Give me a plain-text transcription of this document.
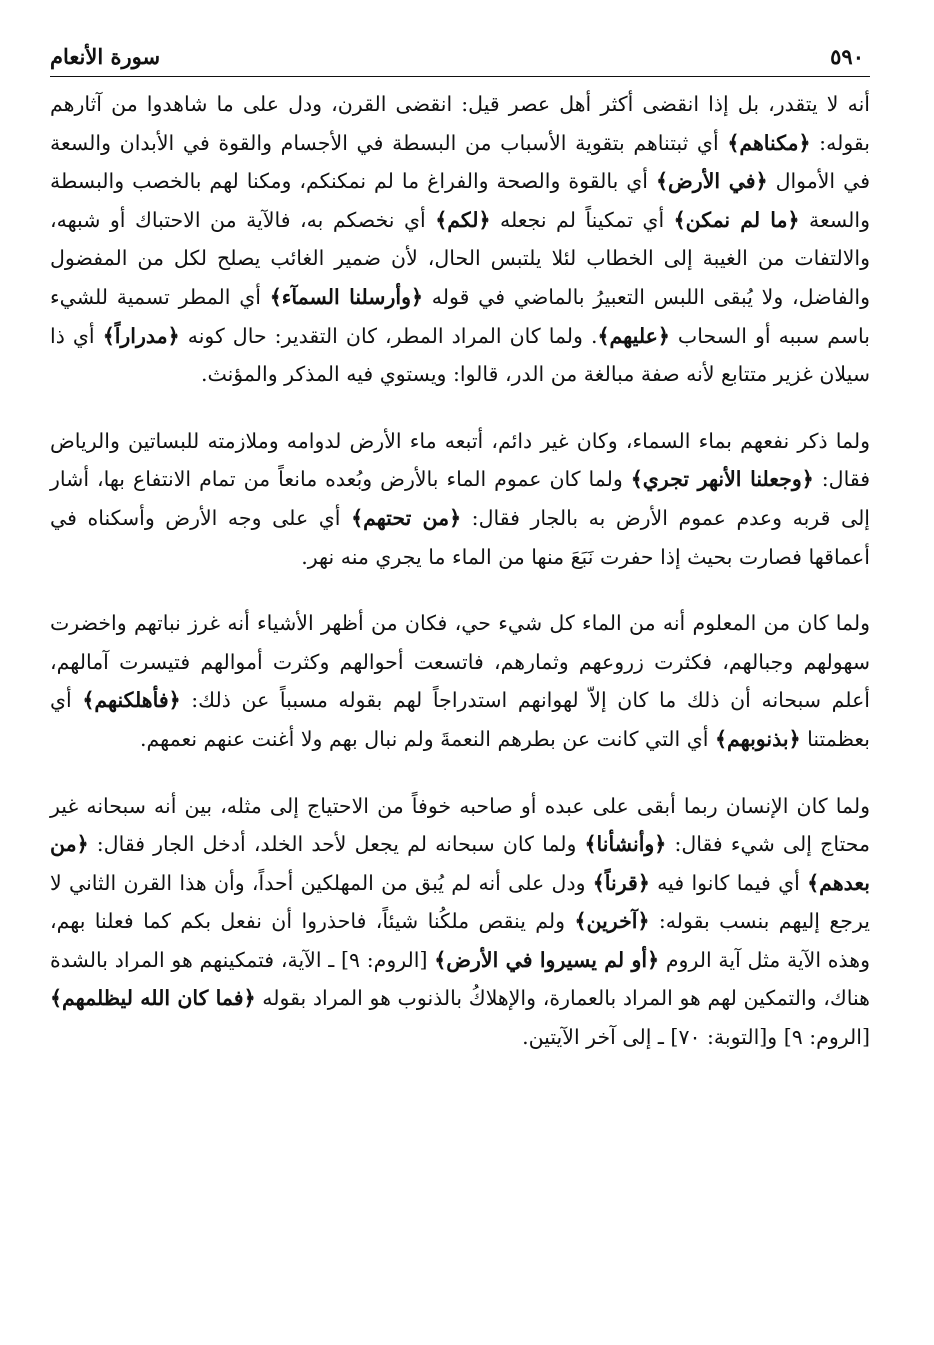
٥٩٠
سورة الأنعام

أنه لا يتقدر، بل إذا انقضى أكثر أهل عصر قيل: انقضى القرن، ودل على ما شاهدوا من آثارهم بقوله: ﴿مكناهم﴾ أي ثبتناهم بتقوية الأسباب من البسطة في الأجسام والقوة في الأبدان والسعة في الأموال ﴿في الأرض﴾ أي بالقوة والصحة والفراغ ما لم نمكنكم، ومكنا لهم بالخصب والبسطة والسعة ﴿ما لم نمكن﴾ أي تمكيناً لم نجعله ﴿لكم﴾ أي نخصكم به، فالآية من الاحتباك أو شبهه، والالتفات من الغيبة إلى الخطاب لئلا يلتبس الحال، لأن ضمير الغائب يصلح لكل من المفضول والفاضل، ولا يُبقى اللبس التعبيرُ بالماضي في قوله ﴿وأرسلنا السمآء﴾ أي المطر تسمية للشيء باسم سببه أو السحاب ﴿عليهم﴾. ولما كان المراد المطر، كان التقدير: حال كونه ﴿مدراراً﴾ أي ذا سيلان غزير متتابع لأنه صفة مبالغة من الدر، قالوا: ويستوي فيه المذكر والمؤنث.

ولما ذكر نفعهم بماء السماء، وكان غير دائم، أتبعه ماء الأرض لدوامه وملازمته للبساتين والرياض فقال: ﴿وجعلنا الأنهر تجري﴾ ولما كان عموم الماء بالأرض وبُعده مانعاً من تمام الانتفاع بها، أشار إلى قربه وعدم عموم الأرض به بالجار فقال: ﴿من تحتهم﴾ أي على وجه الأرض وأسكناه في أعماقها فصارت بحيث إذا حفرت نَبَعَ منها من الماء ما يجري منه نهر.

ولما كان من المعلوم أنه من الماء كل شيء حي، فكان من أظهر الأشياء أنه غرز نباتهم واخضرت سهولهم وجبالهم، فكثرت زروعهم وثمارهم، فاتسعت أحوالهم وكثرت أموالهم فتيسرت آمالهم، أعلم سبحانه أن ذلك ما كان إلاّ لهوانهم استدراجاً لهم بقوله مسبباً عن ذلك: ﴿فأهلكنهم﴾ أي بعظمتنا ﴿بذنوبهم﴾ أي التي كانت عن بطرهم النعمةَ ولم نبال بهم ولا أغنت عنهم نعمهم.

ولما كان الإنسان ربما أبقى على عبده أو صاحبه خوفاً من الاحتياج إلى مثله، بين أنه سبحانه غير محتاج إلى شيء فقال: ﴿وأنشأنا﴾ ولما كان سبحانه لم يجعل لأحد الخلد، أدخل الجار فقال: ﴿من بعدهم﴾ أي فيما كانوا فيه ﴿قرناً﴾ ودل على أنه لم يُبق من المهلكين أحداً، وأن هذا القرن الثاني لا يرجع إليهم بنسب بقوله: ﴿آخرين﴾ ولم ينقص ملكُنا شيئاً، فاحذروا أن نفعل بكم كما فعلنا بهم، وهذه الآية مثل آية الروم ﴿أو لم يسيروا في الأرض﴾ [الروم: ٩] ـ الآية، فتمكينهم هو المراد بالشدة هناك، والتمكين لهم هو المراد بالعمارة، والإهلاكُ بالذنوب هو المراد بقوله ﴿فما كان الله ليظلمهم﴾ [الروم: ٩] و[التوبة: ٧٠] ـ إلى آخر الآيتين.
